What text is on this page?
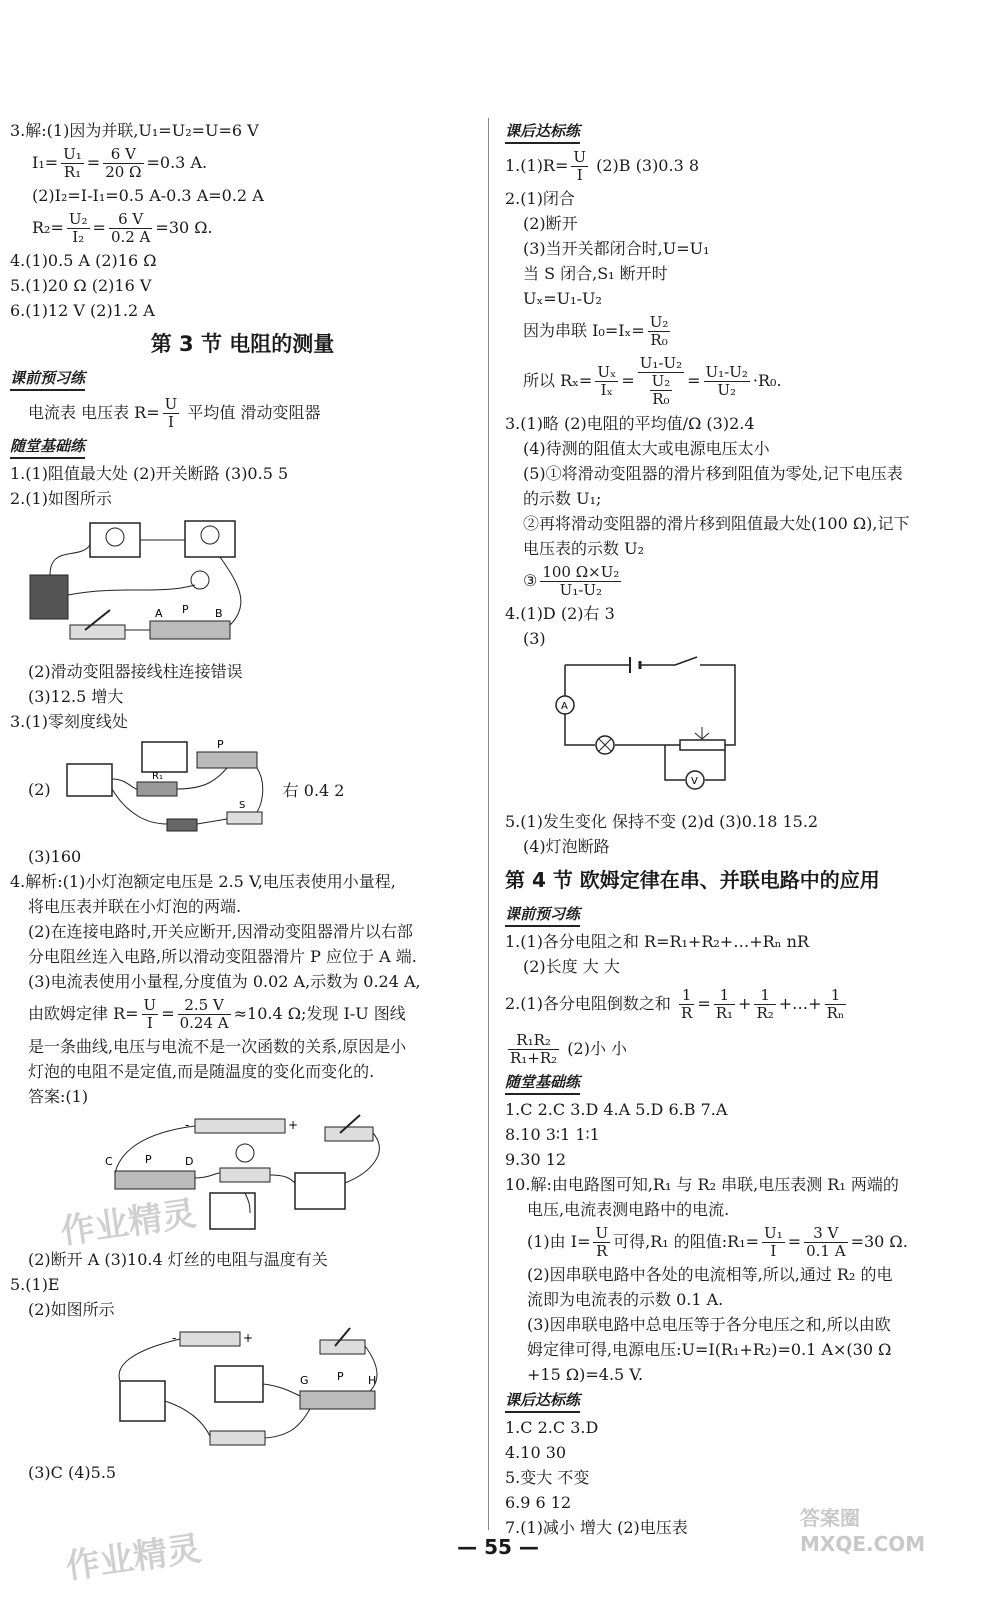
3.解:(1)因为并联,U₁=U₂=U=6 V
$I_1= \frac{\text{U₁}}{\text{R₁}} = \frac{6 V}{20 \Omega} =0.3$ A.
(2)I₂=I-I₁=0.5 A-0.3 A=0.2 A
$R_2= \frac{\text{U₂}}{\text{I₂}} = \frac{6 V}{0.2 A} =30$ Ω.
4.(1)0.5 A (2)16 Ω
5.(1)20 Ω (2)16 V
6.(1)12 V (2)1.2 A
第 3 节 电阻的测量
课前预习练
电流表 电压表 $R= \frac{U}{I}$ 平均值 滑动变阻器
随堂基础练
1.(1)阻值最大处 (2)开关断路 (3)0.5 5
2.(1)如图所示
A P B
(2)滑动变阻器接线柱连接错误
(3)12.5 增大
3.(1)零刻度线处
(2)
P
R₁
S
右 0.4 2
(3)160
4.解析:(1)小灯泡额定电压是 2.5 V,电压表使用小量程,
将电压表并联在小灯泡的两端.
(2)在连接电路时,开关应断开,因滑动变阻器滑片以右部
分电阻丝连入电路,所以滑动变阻器滑片 P 应位于 A 端.
(3)电流表使用小量程,分度值为 0.02 A,示数为 0.24 A,
由欧姆定律 $R= \frac{U}{I} = \frac{2.5 V}{0.24 A} \approx 10.4$ Ω;发现 I-U 图线
是一条曲线,电压与电流不是一次函数的关系,原因是小
灯泡的电阻不是定值,而是随温度的变化而变化的.
答案:(1)
-	+
C	P	D
(2)断开 A (3)10.4 灯丝的电阻与温度有关
5.(1)E
(2)如图所示
-	+
G	P H
(3)C (4)5.5
作业精灵
作业精灵
课后达标练
$1.(1)R= \frac{U}{I} (2)B$ (3)0.3 8
2.(1)闭合
(2)断开
(3)当开关都闭合时,U=U₁
当 S 闭合,S₁ 断开时
Uₓ=U₁-U₂
因为串联 $I_0=I_x= \frac{\text{U₂}}{\text{R₀}}$
所以 $R_x= \frac{\text{Uₓ}}{\text{Iₓ}} = \frac{\text{U₁-U₂}}{\frac{\text{U₂}}{\text{R₀}}} = \frac{\text{U₁-U₂}}{\text{U₂}} \cdot R_0$.
3.(1)略 (2)电阻的平均值/Ω (3)2.4
(4)待测的阻值太大或电源电压太小
(5)①将滑动变阻器的滑片移到阻值为零处,记下电压表
的示数 U₁;
②再将滑动变阻器的滑片移到阻值最大处(100 Ω),记下
电压表的示数 U₂
③ $\frac{\text{100 Ω×U₂}}{\text{U₁-U₂}}$
4.(1)D (2)右 3
(3)
A
V
5.(1)发生变化 保持不变 (2)d (3)0.18 15.2
(4)灯泡断路
第 4 节 欧姆定律在串、并联电路中的应用
课前预习练
1.(1)各分电阻之和 R=R₁+R₂+…+Rₙ nR
(2)长度 大 大
2.(1)各分电阻倒数之和 $\frac{1}{R} = \frac{1}{\text{R₁}} + \frac{1}{\text{R₂}}$ +…+ $\frac{1}{\text{Rₙ}}$
$\frac{\text{R₁R₂}}{\text{R₁+R₂}} (2)$小 小
随堂基础练
1.C 2.C 3.D 4.A 5.D 6.B 7.A
8.10 3∶1 1∶1
9.30 12
10.解:由电路图可知,R₁ 与 R₂ 串联,电压表测 R₁ 两端的
电压,电流表测电路中的电流.
(1)由 $I= \frac{U}{R}$ 可得,R₁ 的阻值:R₁= $\frac{\text{U₁}}{I} = \frac{3 V}{0.1 A} =30$ Ω.
(2)因串联电路中各处的电流相等,所以,通过 R₂ 的电
流即为电流表的示数 0.1 A.
(3)因串联电路中总电压等于各分电压之和,所以由欧
姆定律可得,电源电压:U=I(R₁+R₂)=0.1 A×(30 Ω
+15 Ω)=4.5 V.
课后达标练
1.C 2.C 3.D
4.10 30
5.变大 不变
6.9 6 12
7.(1)减小 增大 (2)电压表	答案圈 MXQE.COM
— 55 —
